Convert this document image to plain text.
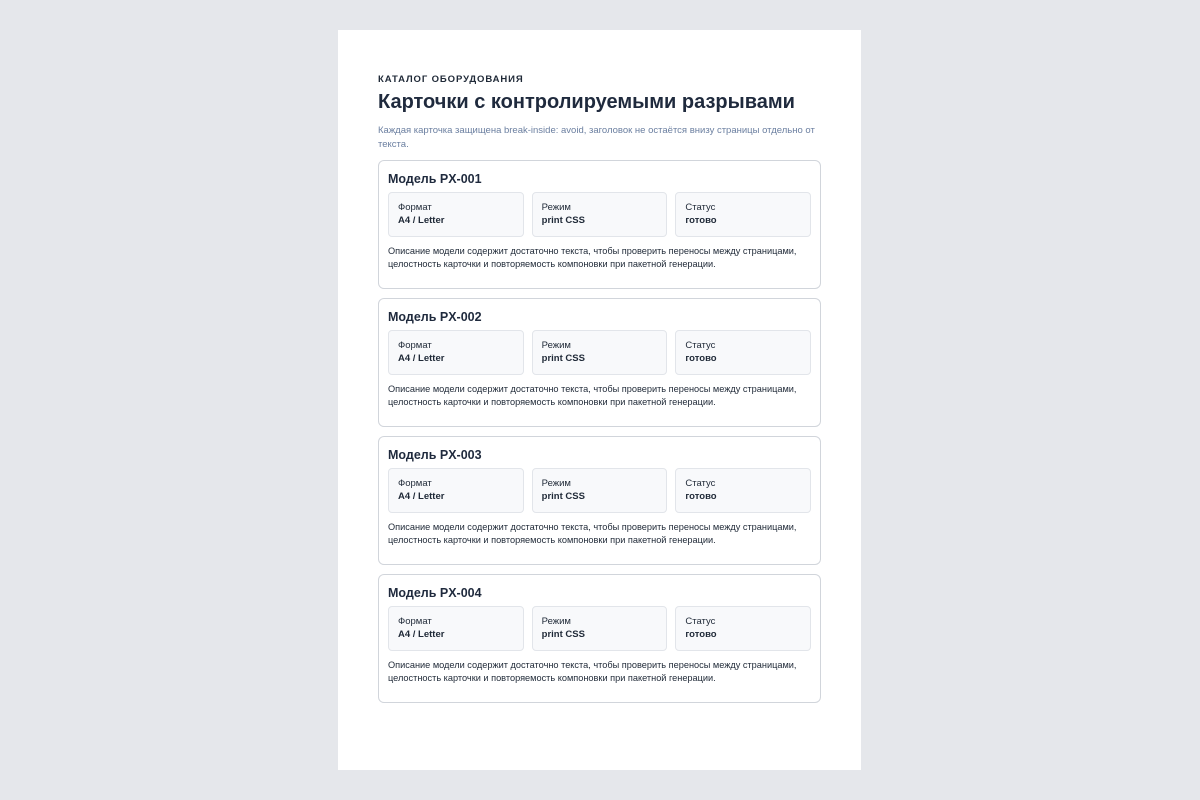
КАТАЛОГ ОБОРУДОВАНИЯ
Карточки с контролируемыми разрывами
Каждая карточка защищена break-inside: avoid, заголовок не остаётся внизу страницы отдельно от текста.
Модель PX-001
Формат
A4 / Letter
Режим
print CSS
Статус
готово
Описание модели содержит достаточно текста, чтобы проверить переносы между страницами, целостность карточки и повторяемость компоновки при пакетной генерации.
Модель PX-002
Формат
A4 / Letter
Режим
print CSS
Статус
готово
Описание модели содержит достаточно текста, чтобы проверить переносы между страницами, целостность карточки и повторяемость компоновки при пакетной генерации.
Модель PX-003
Формат
A4 / Letter
Режим
print CSS
Статус
готово
Описание модели содержит достаточно текста, чтобы проверить переносы между страницами, целостность карточки и повторяемость компоновки при пакетной генерации.
Модель PX-004
Формат
A4 / Letter
Режим
print CSS
Статус
готово
Описание модели содержит достаточно текста, чтобы проверить переносы между страницами, целостность карточки и повторяемость компоновки при пакетной генерации.
